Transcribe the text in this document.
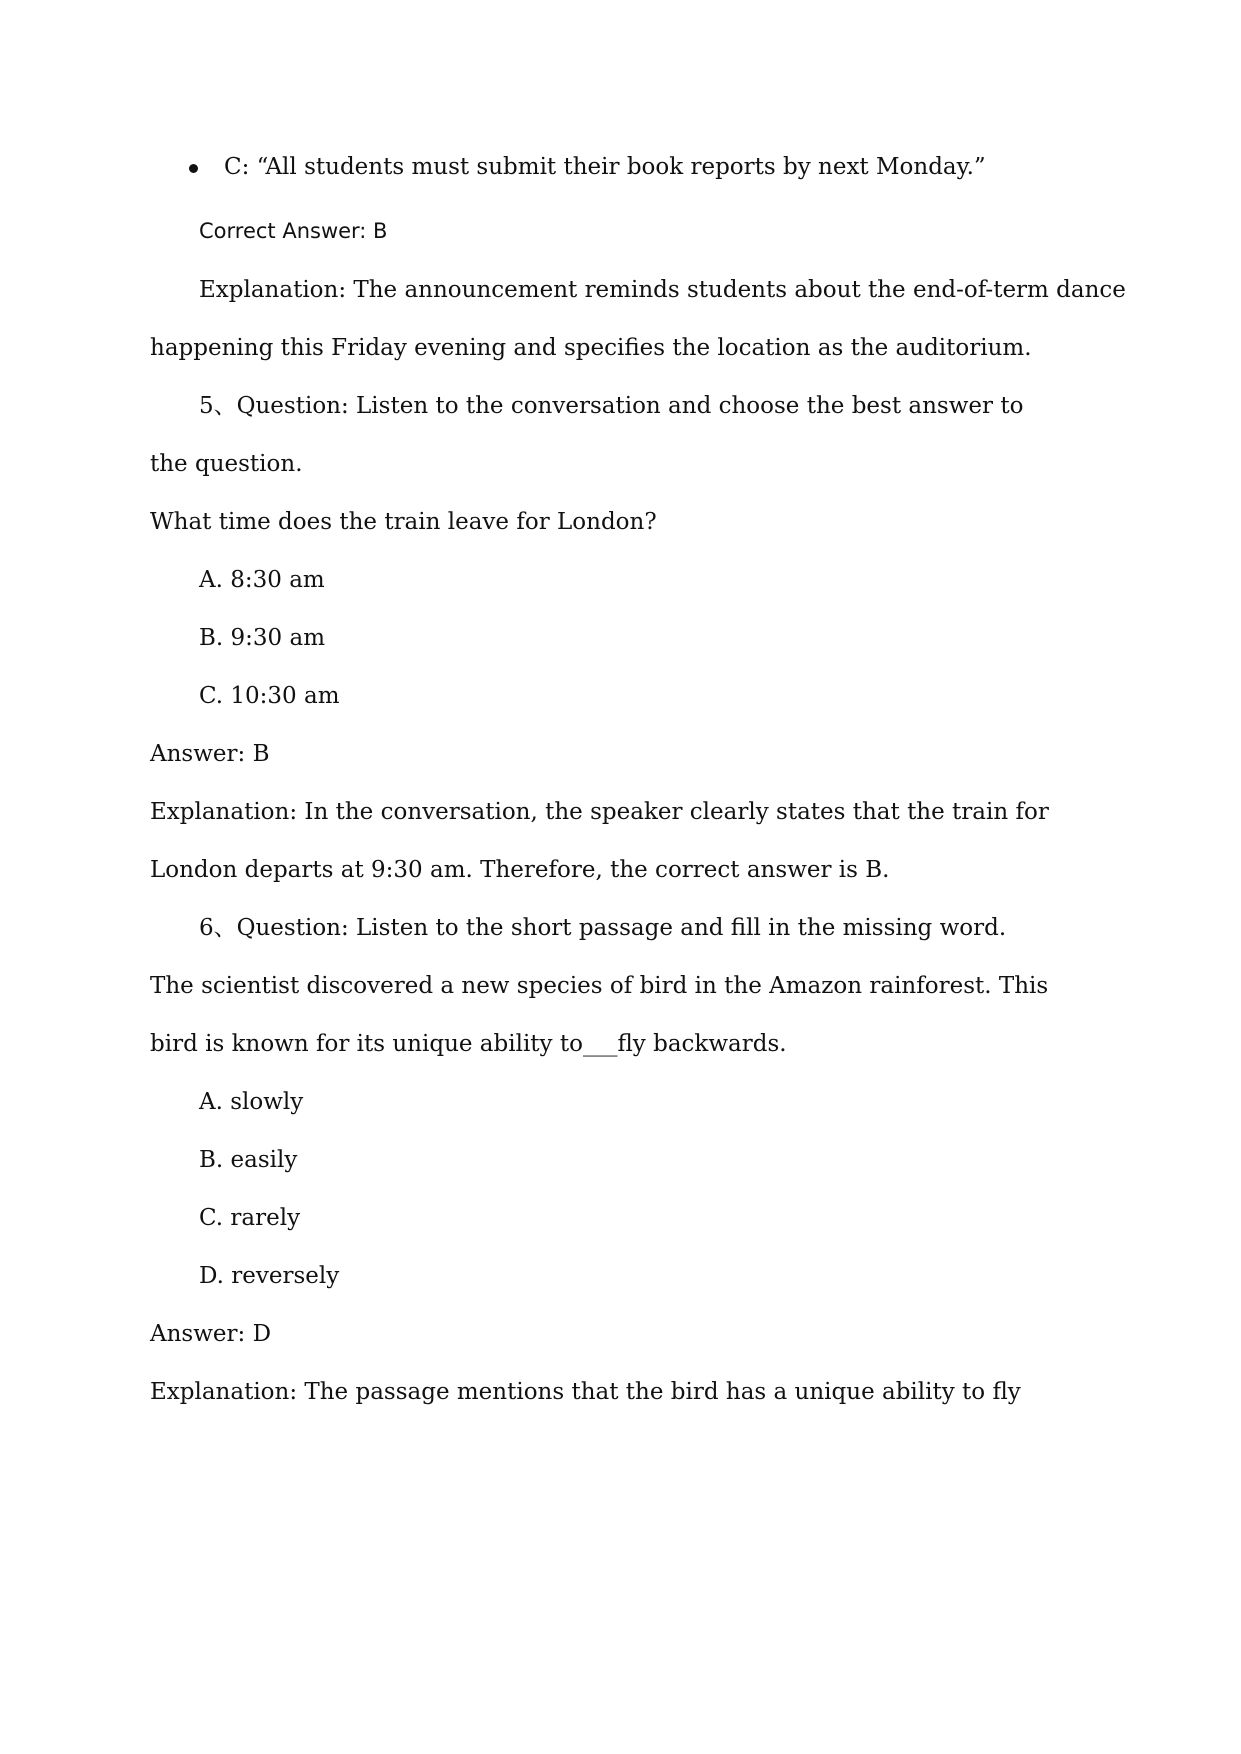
C: “All students must submit their book reports by next Monday.”
Correct Answer: B
Explanation: The announcement reminds students about the end-of-term dance
happening this Friday evening and specifies the location as the auditorium.
5、Question: Listen to the conversation and choose the best answer to
the question.
What time does the train leave for London?
A. 8:30 am
B. 9:30 am
C. 10:30 am
Answer: B
Explanation: In the conversation, the speaker clearly states that the train for
London departs at 9:30 am. Therefore, the correct answer is B.
6、Question: Listen to the short passage and fill in the missing word.
The scientist discovered a new species of bird in the Amazon rainforest. This
bird is known for its unique ability to___fly backwards.
A. slowly
B. easily
C. rarely
D. reversely
Answer: D
Explanation: The passage mentions that the bird has a unique ability to fly
